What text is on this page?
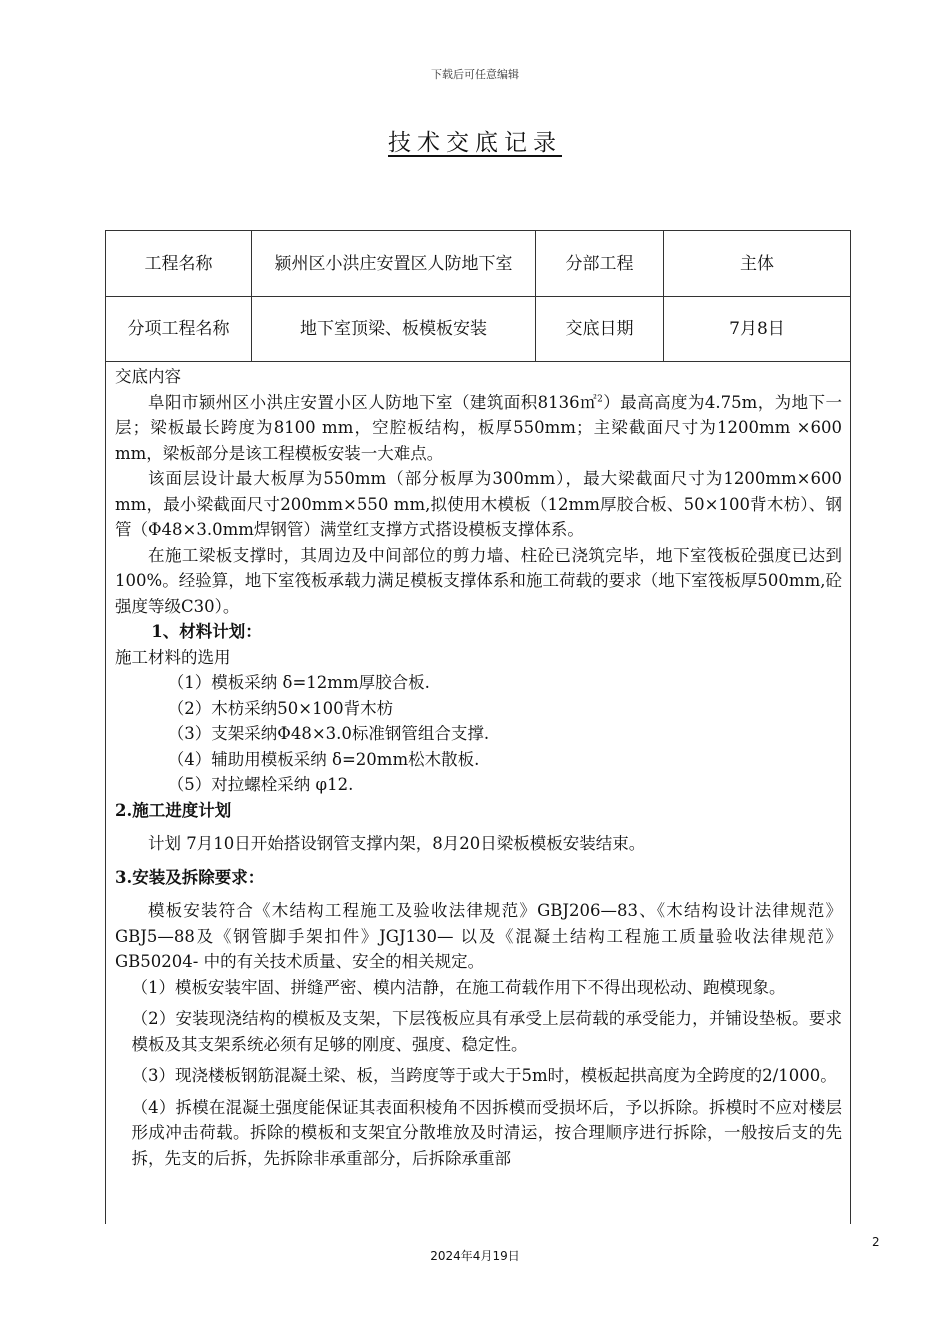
下载后可任意编辑
技术交底记录
工程名称	颍州区小洪庄安置区人防地下室	分部工程	主体
分项工程名称	地下室顶梁、板模板安装	交底日期	7月8日

交底内容

阜阳市颍州区小洪庄安置小区人防地下室（建筑面积8136㎡$^2$）最高高度为4.75m，为地下一层；梁板最长跨度为8100 mm，空腔板结构，板厚550mm；主梁截面尺寸为1200mm ×600 mm，梁板部分是该工程模板安装一大难点。

该面层设计最大板厚为550mm（部分板厚为300mm），最大梁截面尺寸为1200mm×600 mm，最小梁截面尺寸200mm×550 mm,拟使用木模板（12mm厚胶合板、50×100背木枋）、钢管（Φ48×3.0mm焊钢管）满堂红支撑方式搭设模板支撑体系。

在施工梁板支撑时，其周边及中间部位的剪力墙、柱砼已浇筑完毕，地下室筏板砼强度已达到100%。经验算，地下室筏板承载力满足模板支撑体系和施工荷载的要求（地下室筏板厚500mm,砼强度等级C30）。

1、材料计划：

施工材料的选用

（1）模板采纳 δ=12mm厚胶合板.

（2）木枋采纳50×100背木枋

（3）支架采纳Φ48×3.0标准钢管组合支撑.

（4）辅助用模板采纳 δ=20mm松木散板.

（5）对拉螺栓采纳 φ12.

2.施工进度计划

计划 7月10日开始搭设钢管支撑内架，8月20日梁板模板安装结束。

3.安装及拆除要求：

模板安装符合《木结构工程施工及验收法律规范》GBJ206—83、《木结构设计法律规范》GBJ5—88及《钢管脚手架扣件》JGJ130— 以及《混凝土结构工程施工质量验收法律规范》GB50204- 中的有关技术质量、安全的相关规定。

（1）模板安装牢固、拼缝严密、模内洁静，在施工荷载作用下不得出现松动、跑模现象。

（2）安装现浇结构的模板及支架，下层筏板应具有承受上层荷载的承受能力，并铺设垫板。要求模板及其支架系统必须有足够的刚度、强度、稳定性。

（3）现浇楼板钢筋混凝土梁、板，当跨度等于或大于5m时，模板起拱高度为全跨度的2/1000。

（4）拆模在混凝土强度能保证其表面积棱角不因拆模而受损坏后，予以拆除。拆模时不应对楼层形成冲击荷载。拆除的模板和支架宜分散堆放及时清运，按合理顺序进行拆除，一般按后支的先拆，先支的后拆，先拆除非承重部分，后拆除承重部

2
2024年4月19日
